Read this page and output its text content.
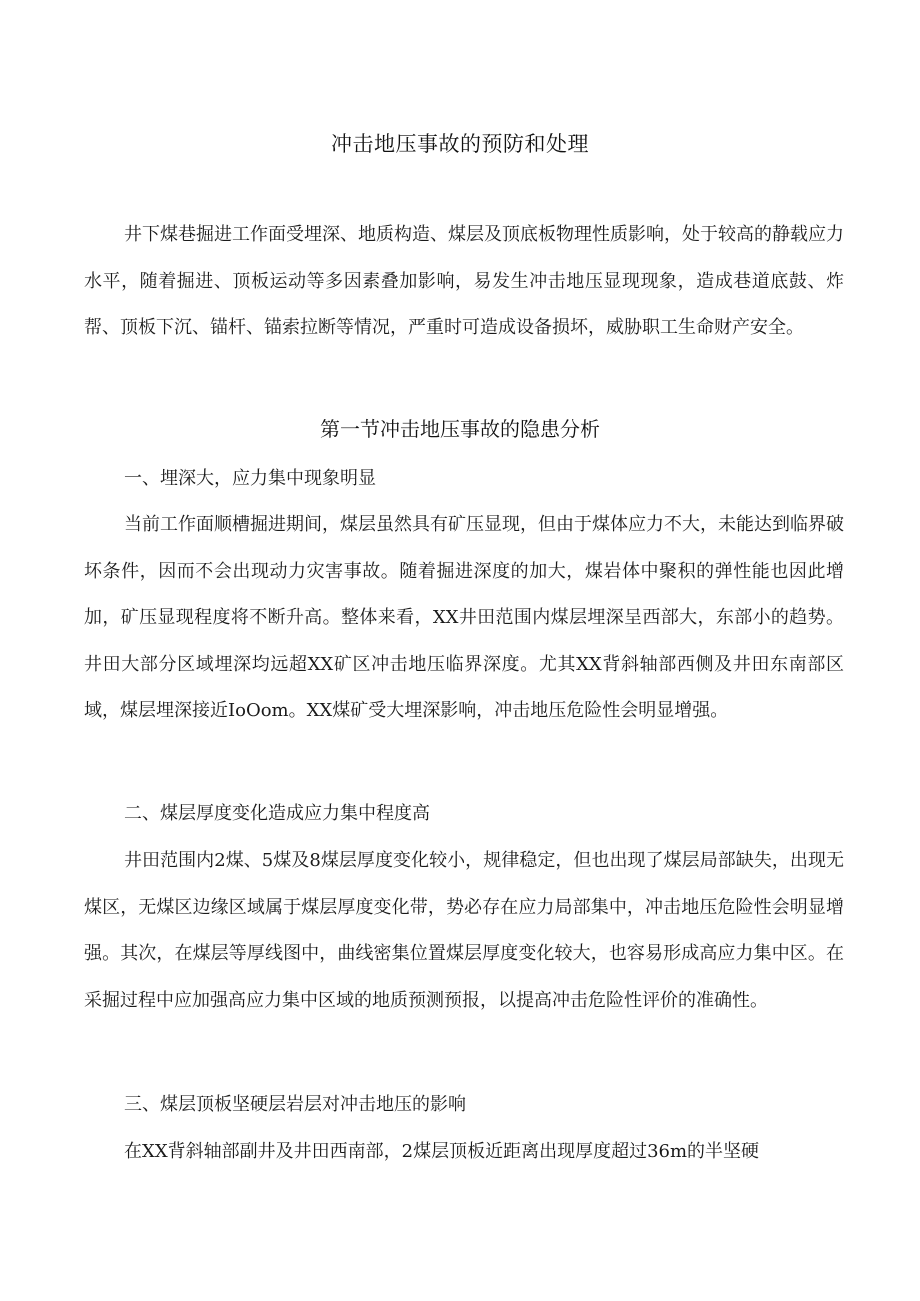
冲击地压事故的预防和处理

井下煤巷掘进工作面受埋深、地质构造、煤层及顶底板物理性质影响，处于较高的静载应力水平，随着掘进、顶板运动等多因素叠加影响，易发生冲击地压显现现象，造成巷道底鼓、炸帮、顶板下沉、锚杆、锚索拉断等情况，严重时可造成设备损坏，威胁职工生命财产安全。

第一节冲击地压事故的隐患分析

一、埋深大，应力集中现象明显

当前工作面顺槽掘进期间，煤层虽然具有矿压显现，但由于煤体应力不大，未能达到临界破坏条件，因而不会出现动力灾害事故。随着掘进深度的加大，煤岩体中聚积的弹性能也因此增加，矿压显现程度将不断升高。整体来看，XX井田范围内煤层埋深呈西部大，东部小的趋势。井田大部分区域埋深均远超XX矿区冲击地压临界深度。尤其XX背斜轴部西侧及井田东南部区域，煤层埋深接近IoOom。XX煤矿受大埋深影响，冲击地压危险性会明显增强。

二、煤层厚度变化造成应力集中程度高

井田范围内2煤、5煤及8煤层厚度变化较小，规律稳定，但也出现了煤层局部缺失，出现无煤区，无煤区边缘区域属于煤层厚度变化带，势必存在应力局部集中，冲击地压危险性会明显增强。其次，在煤层等厚线图中，曲线密集位置煤层厚度变化较大，也容易形成高应力集中区。在采掘过程中应加强高应力集中区域的地质预测预报，以提高冲击危险性评价的准确性。

三、煤层顶板坚硬层岩层对冲击地压的影响

在XX背斜轴部副井及井田西南部，2煤层顶板近距离出现厚度超过36m的半坚硬
